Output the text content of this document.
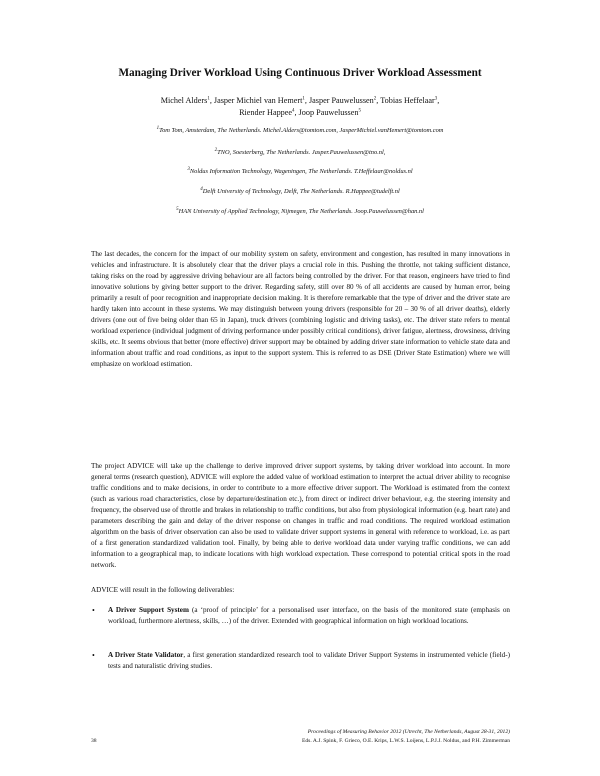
Managing Driver Workload Using Continuous Driver Workload Assessment
Michel Alders$^1$, Jasper Michiel van Hemert$^1$, Jasper Pauwelussen$^2$, Tobias Heffelaar$^3$,
Riender Happee$^4$, Joop Pauwelussen$^5$
$^1$Tom Tom, Amsterdam, The Netherlands. Michel.Alders@tomtom.com, JasperMichiel.vanHemert@tomtom.com
$^2$TNO, Soesterberg, The Netherlands. Jasper.Pauwelussen@tno.nl,
$^3$Noldus Information Technology, Wageningen, The Netherlands. T.Heffelaar@noldus.nl
$^4$Delft University of Technology, Delft, The Netherlands. R.Happee@tudelft.nl
$^5$HAN University of Applied Technology, Nijmegen, The Netherlands. Joop.Pauwelussen@han.nl

The last decades, the concern for the impact of our mobility system on safety, environment and congestion, has resulted in many innovations in vehicles and infrastructure. It is absolutely clear that the driver plays a crucial role in this. Pushing the throttle, not taking sufficient distance, taking risks on the road by aggressive driving behaviour are all factors being controlled by the driver. For that reason, engineers have tried to find innovative solutions by giving better support to the driver. Regarding safety, still over 80 % of all accidents are caused by human error, being primarily a result of poor recognition and inappropriate decision making. It is therefore remarkable that the type of driver and the driver state are hardly taken into account in these systems. We may distinguish between young drivers (responsible for 20 – 30 % of all driver deaths), elderly drivers (one out of five being older than 65 in Japan), truck drivers (combining logistic and driving tasks), etc. The driver state refers to mental workload experience (individual judgment of driving performance under possibly critical conditions), driver fatigue, alertness, drowsiness, driving skills, etc. It seems obvious that better (more effective) driver support may be obtained by adding driver state information to vehicle state data and information about traffic and road conditions, as input to the support system. This is referred to as DSE (Driver State Estimation) where we will emphasize on workload estimation.

The project ADVICE will take up the challenge to derive improved driver support systems, by taking driver workload into account. In more general terms (research question), ADVICE will explore the added value of workload estimation to interpret the actual driver ability to recognise traffic conditions and to make decisions, in order to contribute to a more effective driver support. The Workload is estimated from the context (such as various road characteristics, close by departure/destination etc.), from direct or indirect driver behaviour, e.g. the steering intensity and frequency, the observed use of throttle and brakes in relationship to traffic conditions, but also from physiological information (e.g. heart rate) and parameters describing the gain and delay of the driver response on changes in traffic and road conditions. The required workload estimation algorithm on the basis of driver observation can also be used to validate driver support systems in general with reference to workload, i.e. as part of a first generation standardized validation tool. Finally, by being able to derive workload data under varying traffic conditions, we can add information to a geographical map, to indicate locations with high workload expectation. These correspond to potential critical spots in the road network.

ADVICE will result in the following deliverables:

• A Driver Support System (a ‘proof of principle’ for a personalised user interface, on the basis of the monitored state (emphasis on workload, furthermore alertness, skills, …) of the driver. Extended with geographical information on high workload locations.
• A Driver State Validator, a first generation standardized research tool to validate Driver Support Systems in instrumented vehicle (field-) tests and naturalistic driving studies.
38
Proceedings of Measuring Behavior 2012 (Utrecht, The Netherlands, August 28-31, 2012)
Eds. A.J. Spink, F. Grieco, O.E. Krips, L.W.S. Loijens, L.P.J.J. Noldus, and P.H. Zimmerman
